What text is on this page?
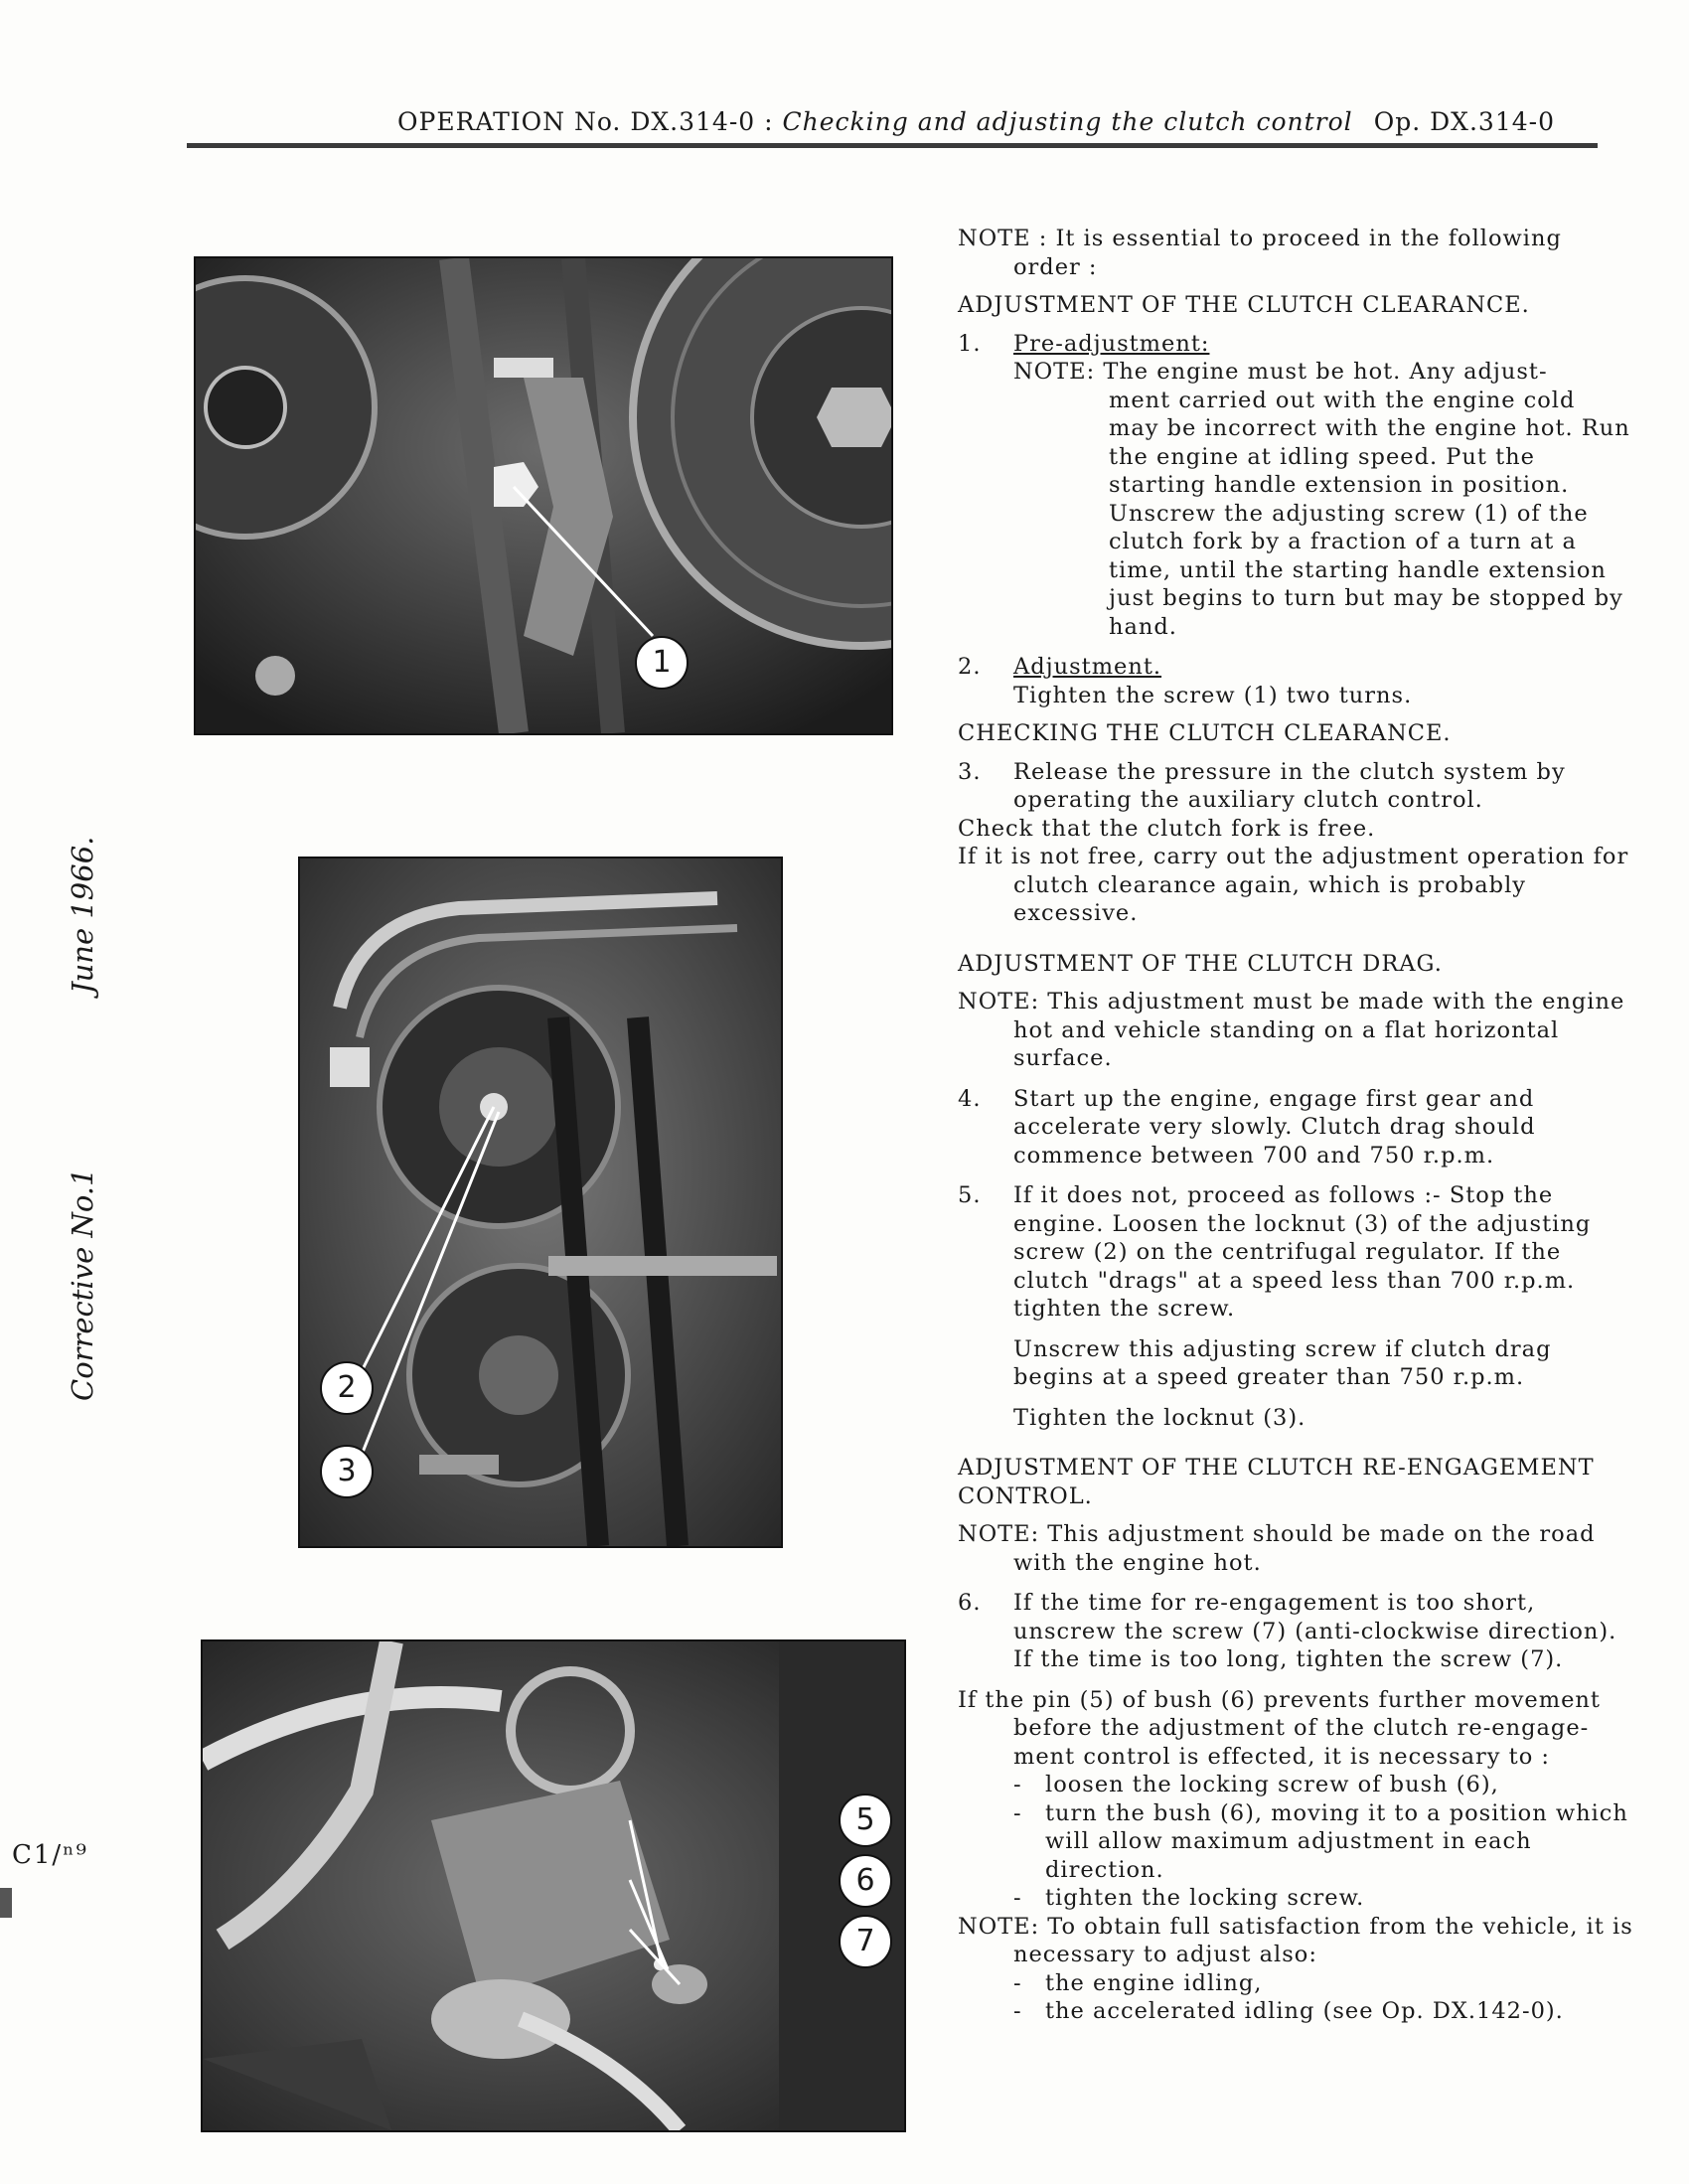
OPERATION No. DX.314-0 : Checking and adjusting the clutch control Op. DX.314-0
June 1966.
Corrective No.1
C1/ⁿ⁹
1
2
3
5
6
7

NOTE : It is essential to proceed in the following order :

ADJUSTMENT OF THE CLUTCH CLEARANCE.

1.	Pre-adjustment:

NOTE: The engine must be hot. Any adjust-

ment carried out with the engine cold may be incorrect with the engine hot. Run the engine at idling speed. Put the starting handle extension in position. Unscrew the adjusting screw (1) of the clutch fork by a fraction of a turn at a time, until the starting handle extension just begins to turn but may be stopped by hand.

2.	Adjustment.

Tighten the screw (1) two turns.

CHECKING THE CLUTCH CLEARANCE.

3.	Release the pressure in the clutch system by operating the auxiliary clutch control.

Check that the clutch fork is free.

If it is not free, carry out the adjustment operation for clutch clearance again, which is probably excessive.

ADJUSTMENT OF THE CLUTCH DRAG.

NOTE: This adjustment must be made with the engine hot and vehicle standing on a flat horizontal surface.

4.	Start up the engine, engage first gear and accelerate very slowly. Clutch drag should commence between 700 and 750 r.p.m.

5.	If it does not, proceed as follows :- Stop the engine. Loosen the locknut (3) of the adjusting screw (2) on the centrifugal regulator. If the clutch "drags" at a speed less than 700 r.p.m. tighten the screw.

Unscrew this adjusting screw if clutch drag begins at a speed greater than 750 r.p.m.

Tighten the locknut (3).

ADJUSTMENT OF THE CLUTCH RE-ENGAGEMENT CONTROL.

NOTE: This adjustment should be made on the road with the engine hot.

6.	If the time for re-engagement is too short, unscrew the screw (7) (anti-clockwise direction). If the time is too long, tighten the screw (7).

If the pin (5) of bush (6) prevents further movement before the adjustment of the clutch re-engage- ment control is effected, it is necessary to :

-	loosen the locking screw of bush (6),
-	turn the bush (6), moving it to a position which will allow maximum adjustment in each direction.
-	tighten the locking screw.

NOTE: To obtain full satisfaction from the vehicle, it is necessary to adjust also:

-	the engine idling,
-	the accelerated idling (see Op. DX.142-0).
